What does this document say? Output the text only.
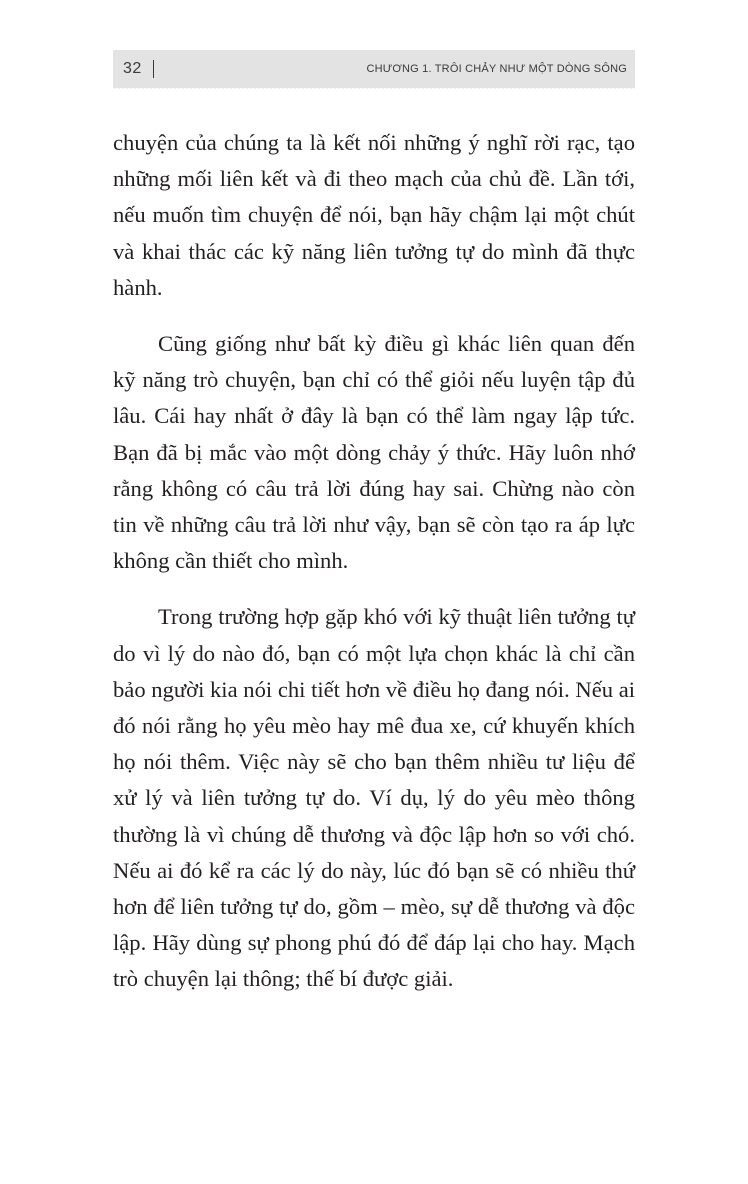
32	CHƯƠNG 1. TRÔI CHẢY NHƯ MỘT DÒNG SÔNG

chuyện của chúng ta là kết nối những ý nghĩ rời rạc, tạo những mối liên kết và đi theo mạch của chủ đề. Lần tới, nếu muốn tìm chuyện để nói, bạn hãy chậm lại một chút và khai thác các kỹ năng liên tưởng tự do mình đã thực hành.

Cũng giống như bất kỳ điều gì khác liên quan đến kỹ năng trò chuyện, bạn chỉ có thể giỏi nếu luyện tập đủ lâu. Cái hay nhất ở đây là bạn có thể làm ngay lập tức. Bạn đã bị mắc vào một dòng chảy ý thức. Hãy luôn nhớ rằng không có câu trả lời đúng hay sai. Chừng nào còn tin về những câu trả lời như vậy, bạn sẽ còn tạo ra áp lực không cần thiết cho mình.

Trong trường hợp gặp khó với kỹ thuật liên tưởng tự do vì lý do nào đó, bạn có một lựa chọn khác là chỉ cần bảo người kia nói chi tiết hơn về điều họ đang nói. Nếu ai đó nói rằng họ yêu mèo hay mê đua xe, cứ khuyến khích họ nói thêm. Việc này sẽ cho bạn thêm nhiều tư liệu để xử lý và liên tưởng tự do. Ví dụ, lý do yêu mèo thông thường là vì chúng dễ thương và độc lập hơn so với chó. Nếu ai đó kể ra các lý do này, lúc đó bạn sẽ có nhiều thứ hơn để liên tưởng tự do, gồm – mèo, sự dễ thương và độc lập. Hãy dùng sự phong phú đó để đáp lại cho hay. Mạch trò chuyện lại thông; thế bí được giải.
